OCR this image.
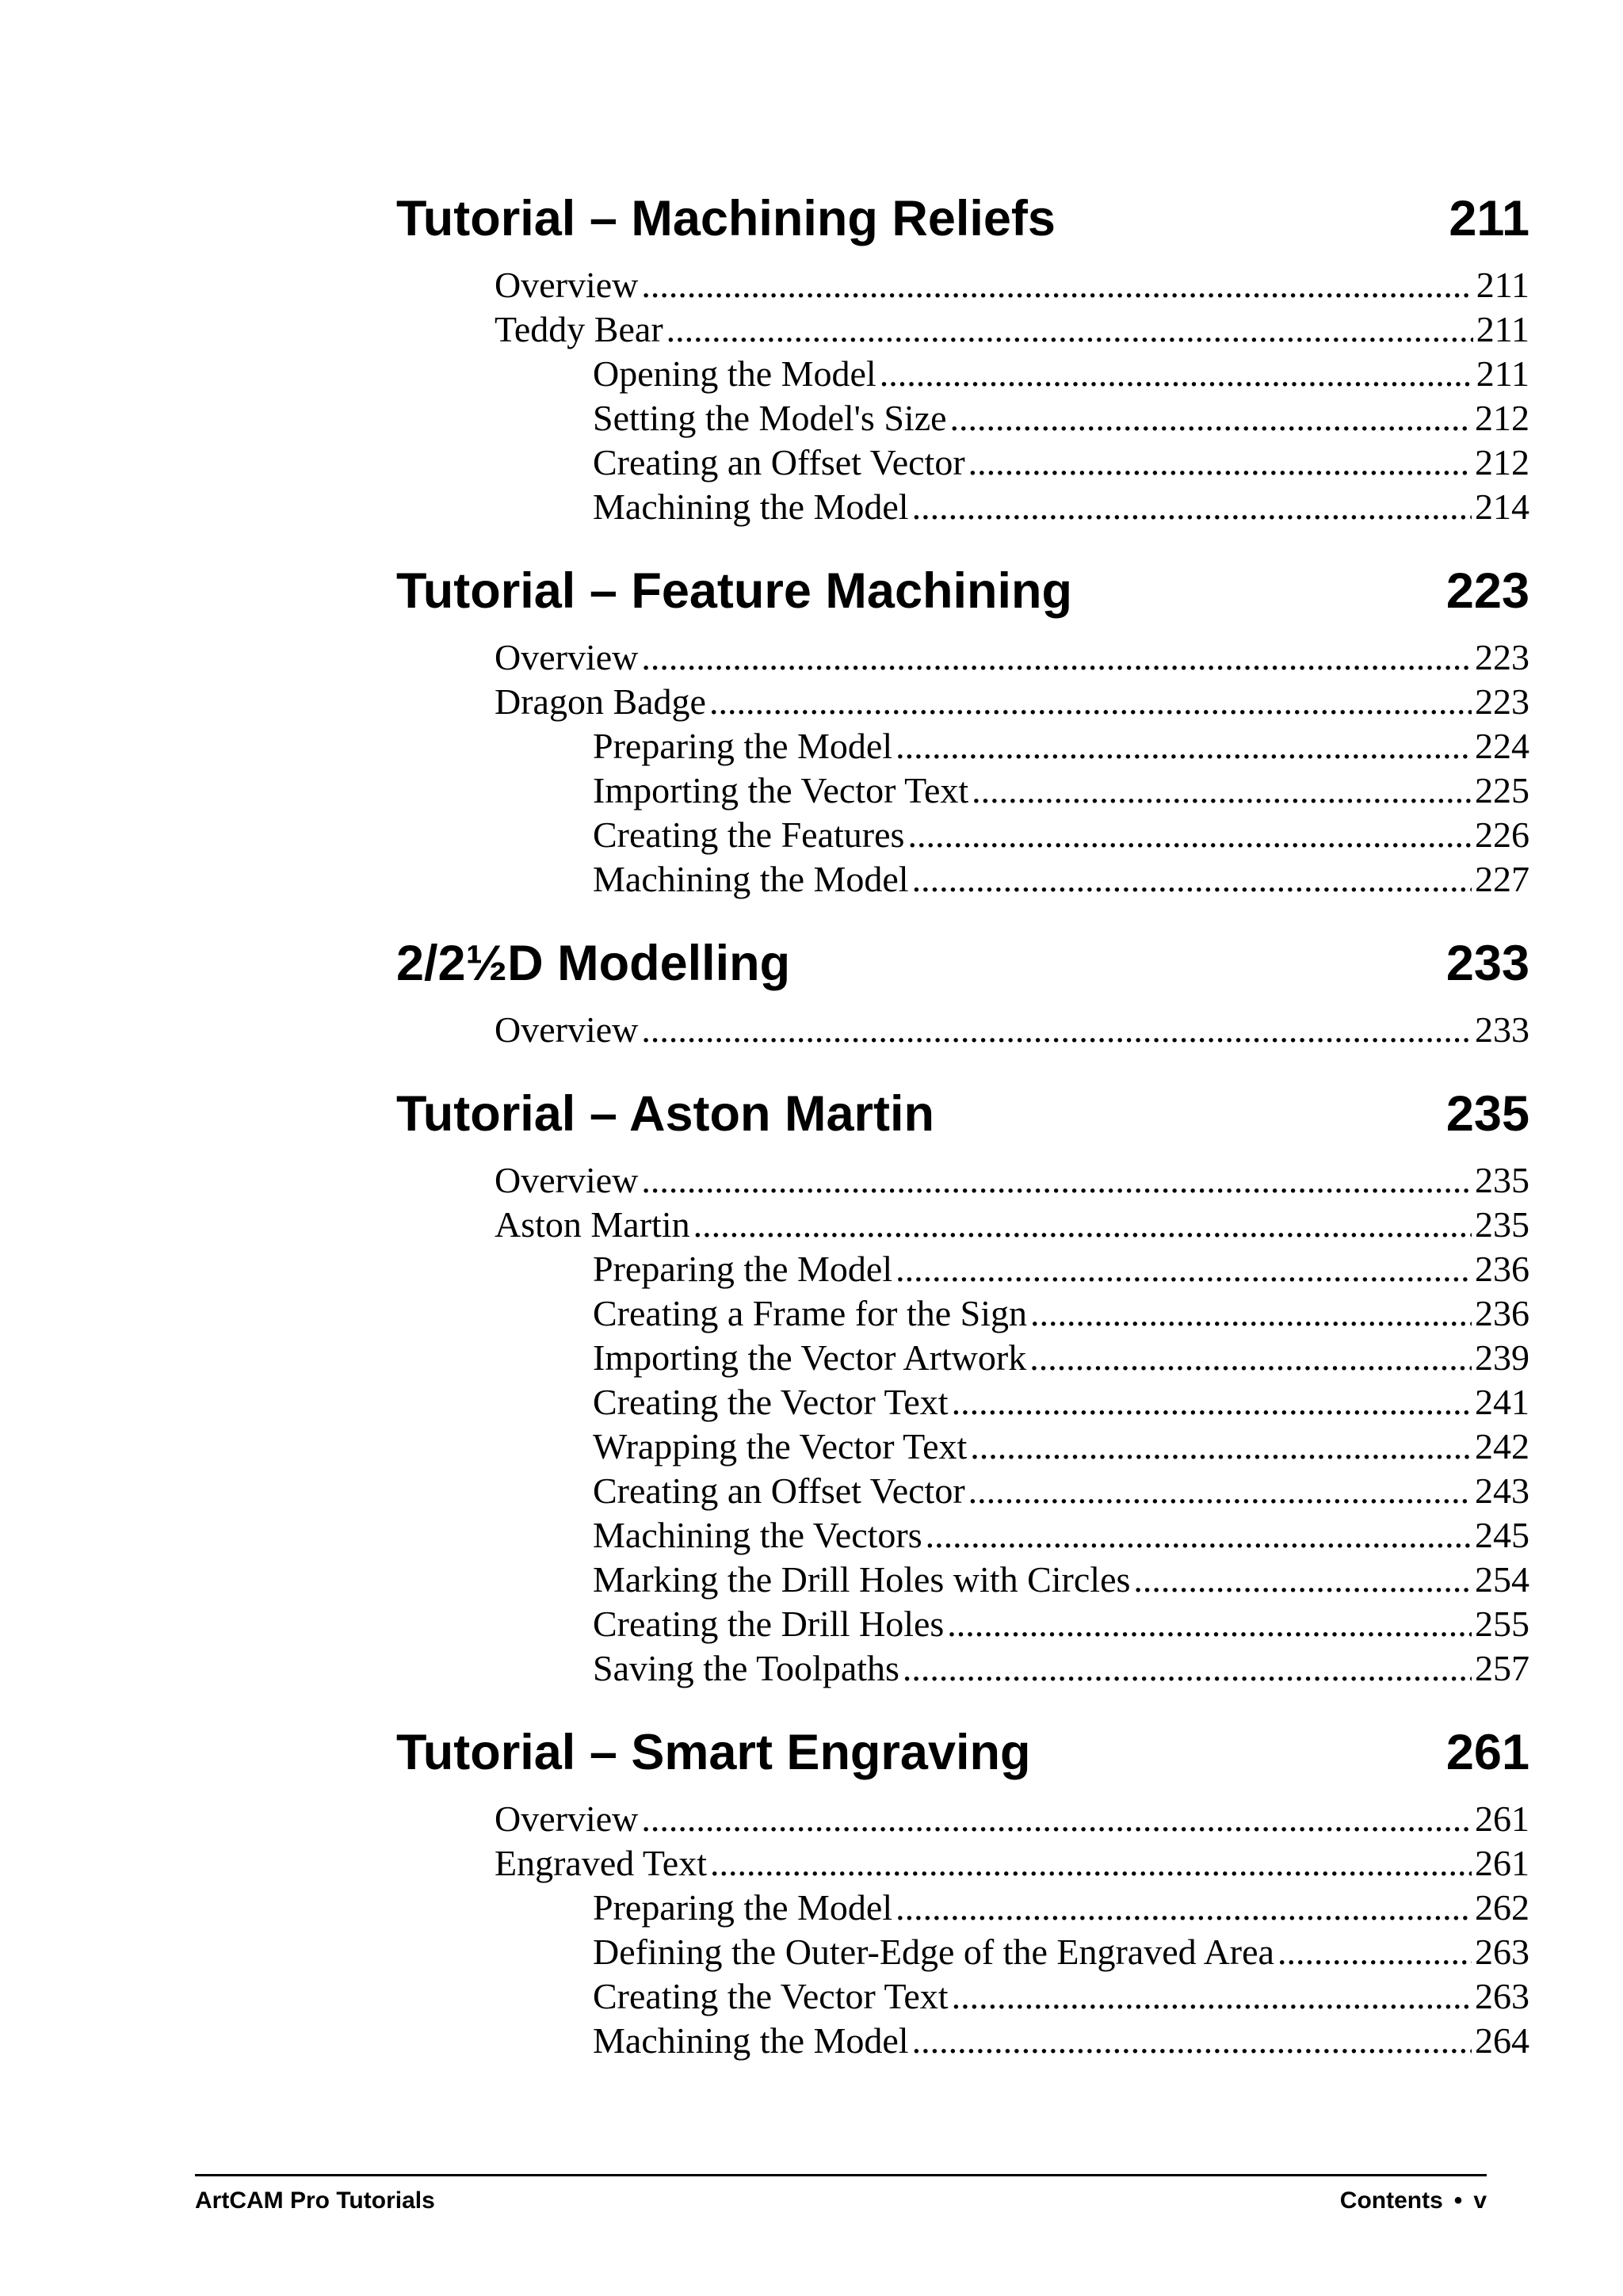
Tutorial – Machining Reliefs	211
Overview .....	211
Teddy Bear .....	211
Opening the Model .....	211
Setting the Model's Size .....	212
Creating an Offset Vector .....	212
Machining the Model .....	214
Tutorial – Feature Machining	223
Overview .....	223
Dragon Badge .....	223
Preparing the Model .....	224
Importing the Vector Text .....	225
Creating the Features .....	226
Machining the Model .....	227
2/2½D Modelling	233
Overview .....	233
Tutorial – Aston Martin	235
Overview .....	235
Aston Martin .....	235
Preparing the Model .....	236
Creating a Frame for the Sign .....	236
Importing the Vector Artwork .....	239
Creating the Vector Text .....	241
Wrapping the Vector Text .....	242
Creating an Offset Vector .....	243
Machining the Vectors .....	245
Marking the Drill Holes with Circles .....	254
Creating the Drill Holes .....	255
Saving the Toolpaths .....	257
Tutorial – Smart Engraving	261
Overview .....	261
Engraved Text .....	261
Preparing the Model .....	262
Defining the Outer-Edge of the Engraved Area .....	263
Creating the Vector Text .....	263
Machining the Model .....	264
ArtCAM Pro Tutorials	Contents • v
